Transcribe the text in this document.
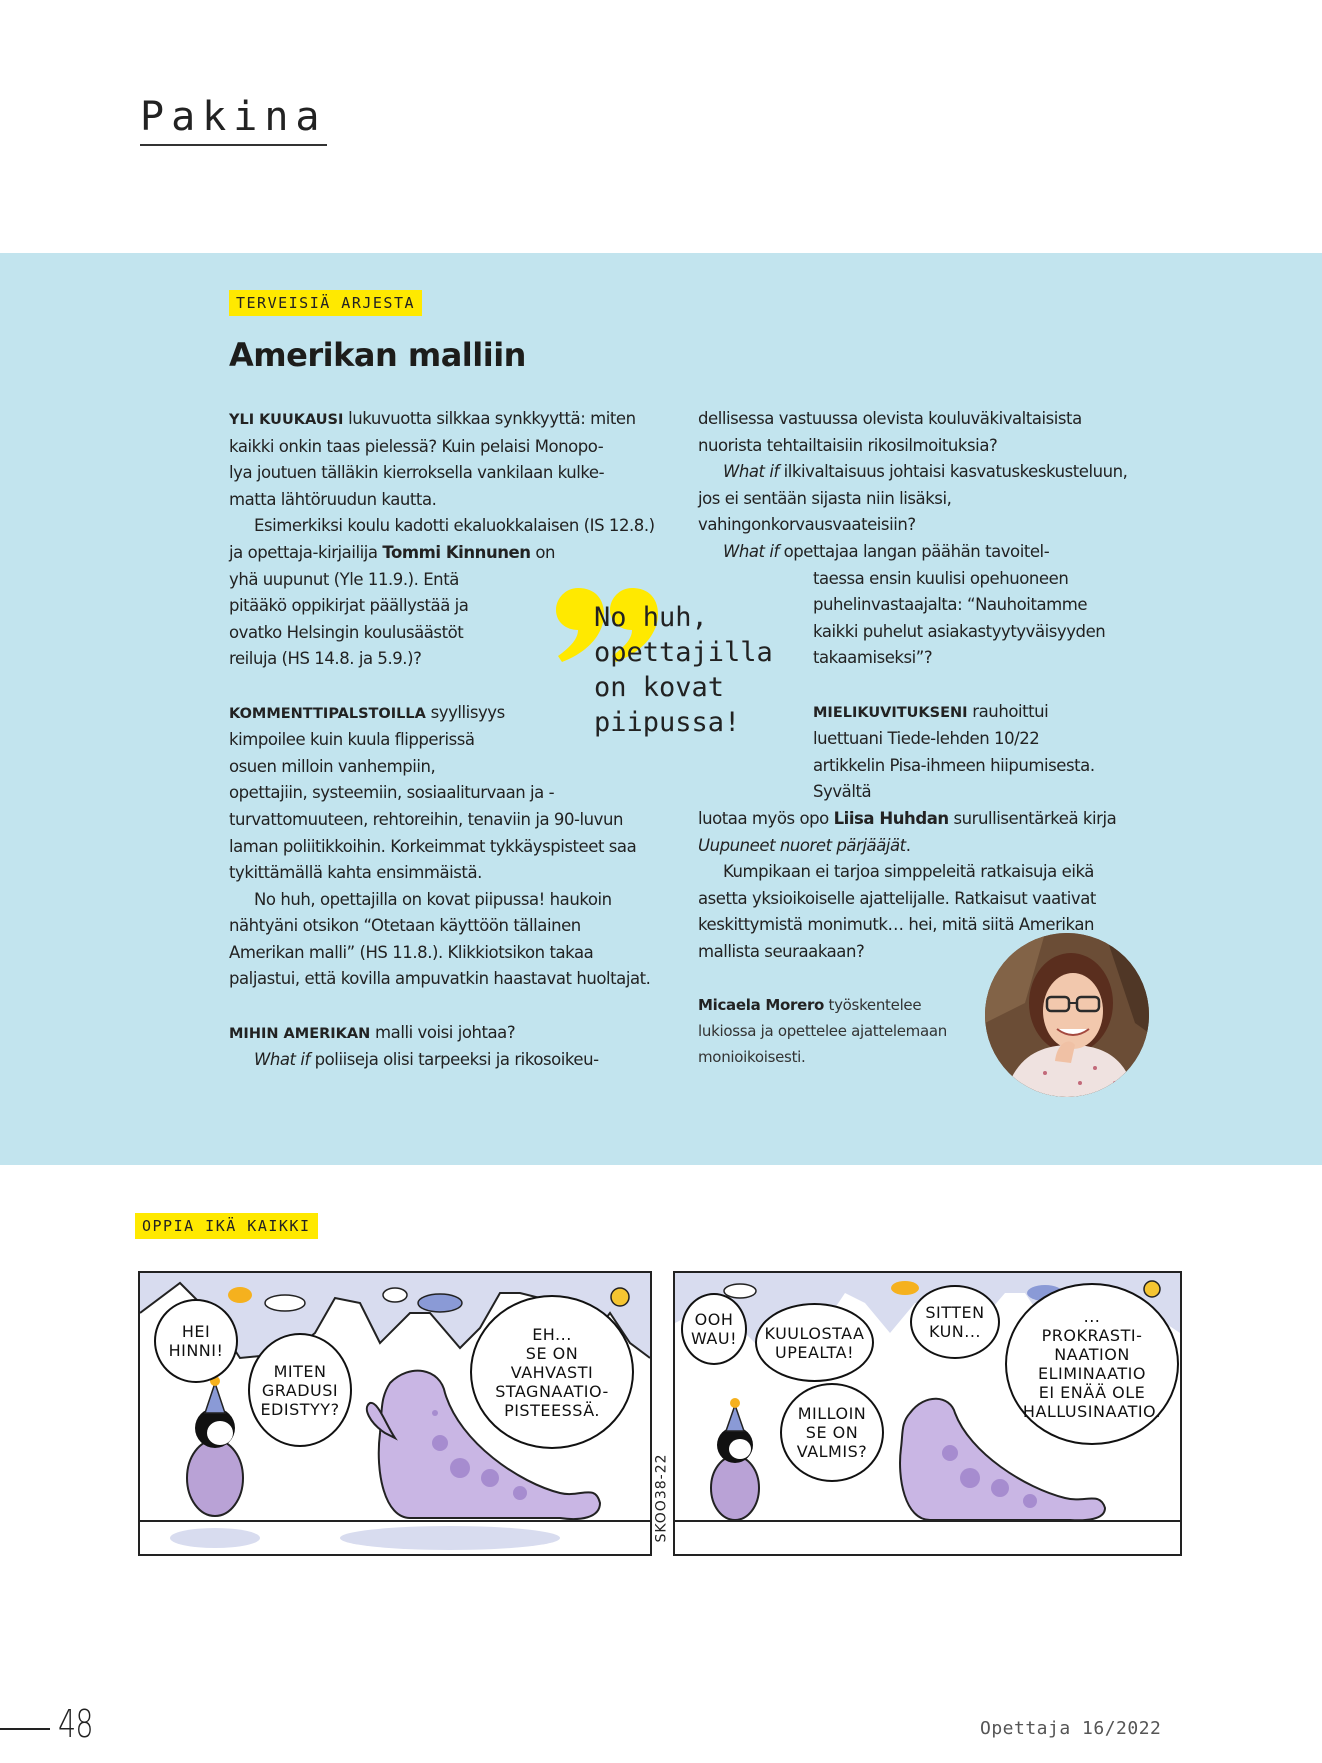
Pakina
TERVEISIÄ ARJESTA
Amerikan malliin

YLI KUUKAUSI lukuvuotta silkkaa synkkyyttä: miten
kaikki onkin taas pielessä? Kuin pelaisi Monopo-
lya joutuen tälläkin kierroksella vankilaan kulke-
matta lähtöruudun kautta.

Esimerkiksi koulu kadotti ekaluokkalaisen (IS 12.8.) ja opettaja-kirjailija Tommi Kinnunen on

yhä uupunut (Yle 11.9.). Entä
pitääkö oppikirjat päällystää ja
ovatko Helsingin koulusäästöt
reiluja (HS 14.8. ja 5.9.)?

KOMMENTTIPALSTOILLA syyllisyys
kimpoilee kuin kuula flipperissä
osuen milloin vanhempiin,

opettajiin, systeemiin, sosiaaliturvaan ja -turvattomuuteen, rehtoreihin, tenaviin ja 90-luvun laman poliitikkoihin. Korkeimmat tykkäyspisteet saa tykittämällä kahta ensimmäistä.

No huh, opettajilla on kovat piipussa! haukoin nähtyäni otsikon “Otetaan käyttöön tällainen Amerikan malli” (HS 11.8.). Klikkiotsikon takaa paljastui, että kovilla ampuvatkin haastavat huoltajat.

MIHIN AMERIKAN malli voisi johtaa?

What if poliiseja olisi tarpeeksi ja rikosoikeu-

No huh,
opettajilla
on kovat
piipussa!

dellisessa vastuussa olevista kouluväkivaltaisista nuorista tehtailtaisiin rikosilmoituksia?

What if ilkivaltaisuus johtaisi kasvatuskeskusteluun, jos ei sentään sijasta niin lisäksi, vahingonkorvausvaateisiin?

What if opettajaa langan päähän tavoitel-

taessa ensin kuulisi opehuoneen puhelinvastaajalta: “Nauhoitamme kaikki puhelut asiakastyytyväisyyden takaamiseksi”?

MIELIKUVITUKSENI rauhoittui luettuani Tiede-lehden 10/22 artikkelin Pisa-ihmeen hiipumisesta. Syvältä

luotaa myös opo Liisa Huhdan surullisentärkeä kirja Uupuneet nuoret pärjääjät.

Kumpikaan ei tarjoa simppeleitä ratkaisuja eikä asetta yksioikoiselle ajattelijalle. Ratkaisut vaativat keskittymistä monimutk… hei, mitä siitä Amerikan mallista seuraakaan?

Micaela Morero työskentelee lukiossa ja opettelee ajattelemaan monioikoisesti.
OPPIA IKÄ KAIKKI
HEI
HINNI!
MITEN
GRADUSI
EDISTYY?
EH...
SE ON
VAHVASTI
STAGNAATIO-
PISTEESSÄ.
OOH
WAU!	KUULOSTAA
UPEALTA!
MILLOIN
SE ON
VALMIS?
SITTEN
KUN...
...
PROKRASTI-
NAATION
ELIMINAATIO
EI ENÄÄ OLE
HALLUSINAATIO.
SKOO38-22
48	Opettaja 16/2022
